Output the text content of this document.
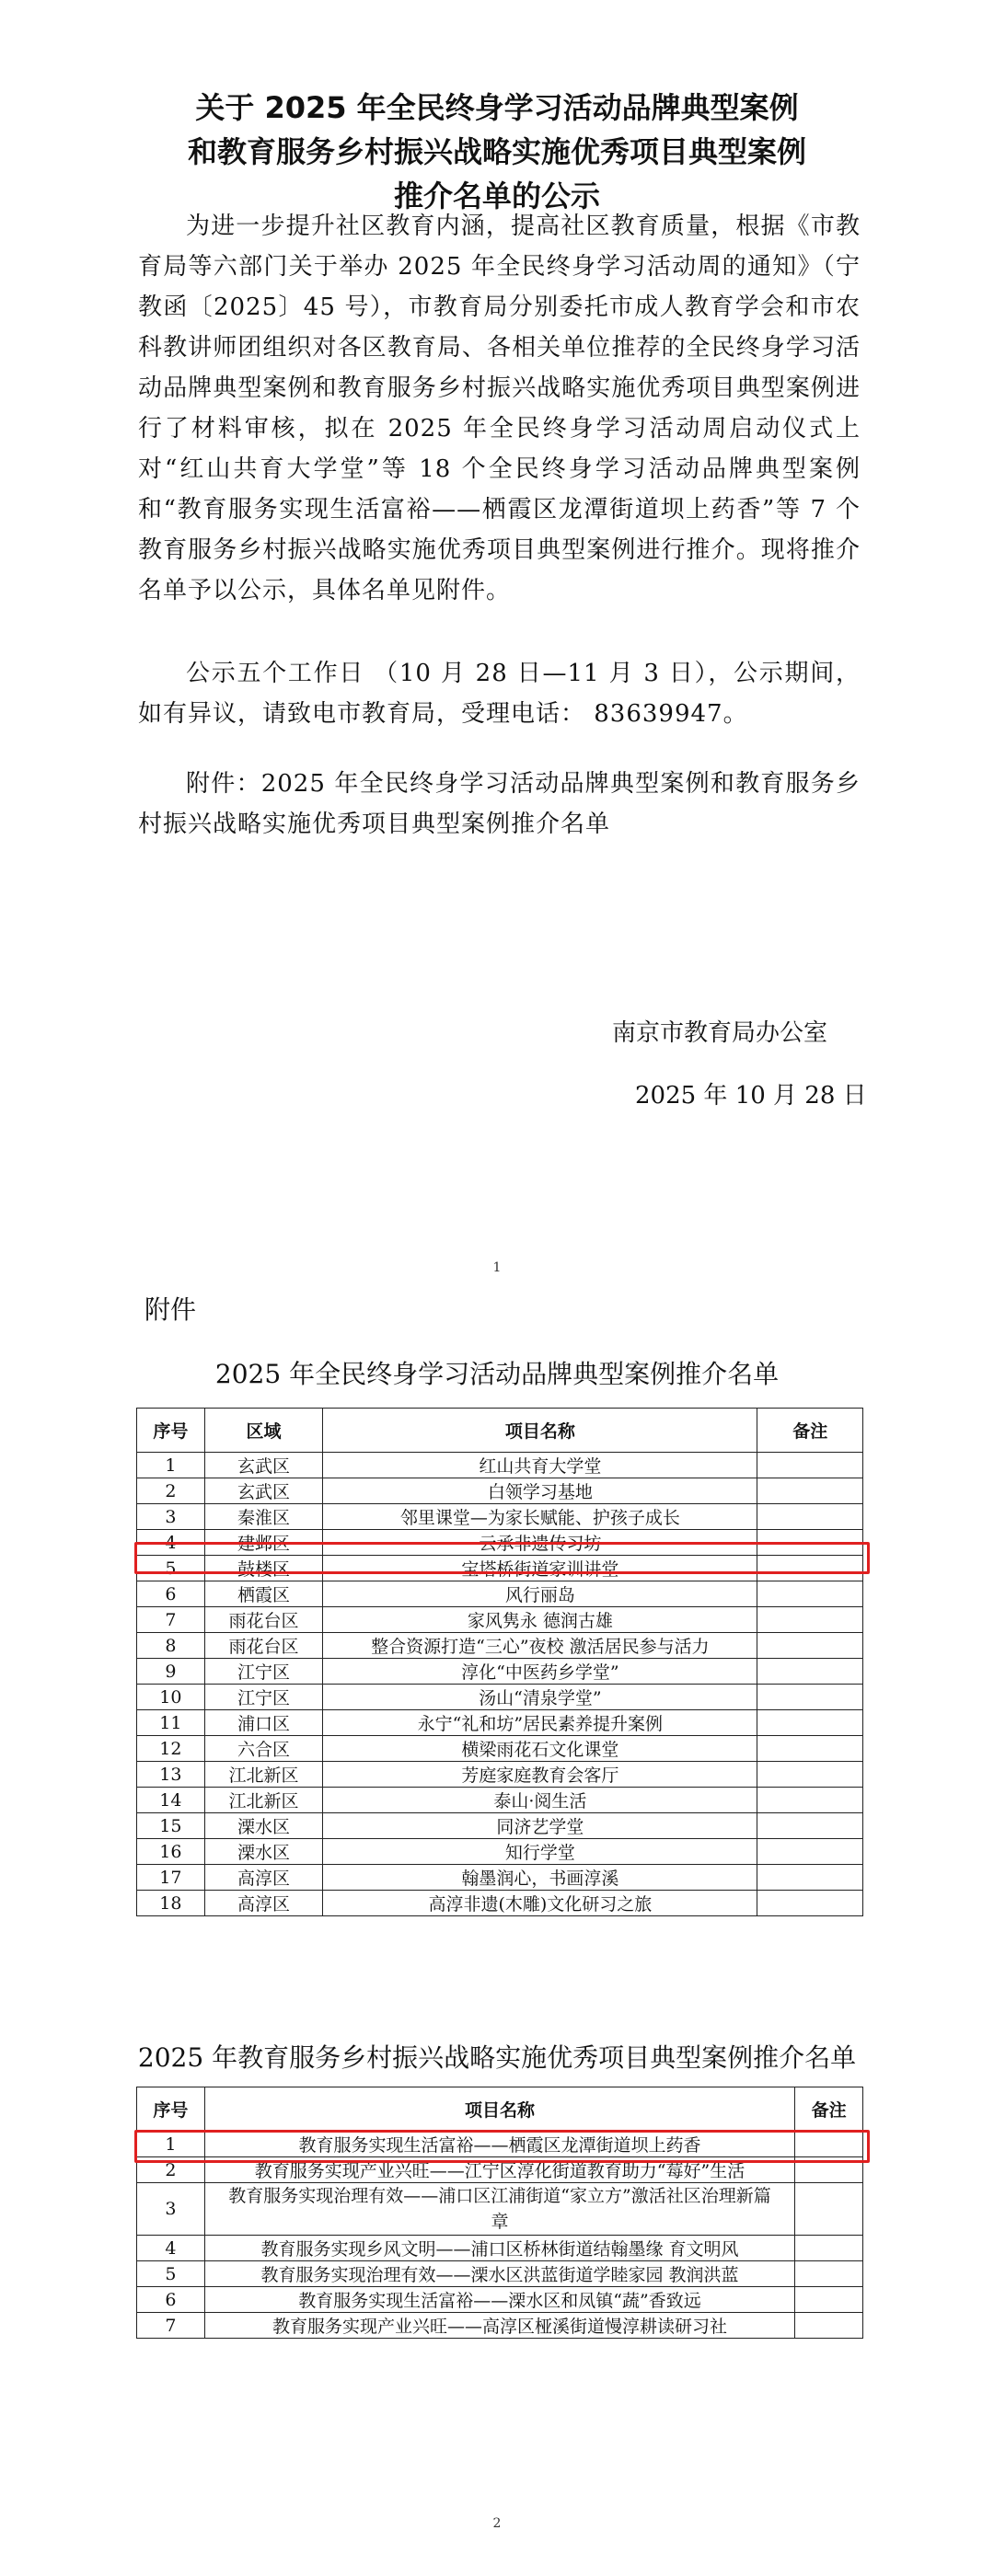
关于 2025 年全民终身学习活动品牌典型案例
和教育服务乡村振兴战略实施优秀项目典型案例
推介名单的公示
为进一步提升社区教育内涵，提高社区教育质量，根据《市教育局等六部门关于举办 2025 年全民终身学习活动周的通知》（宁教函〔2025〕45 号），市教育局分别委托市成人教育学会和市农科教讲师团组织对各区教育局、各相关单位推荐的全民终身学习活动品牌典型案例和教育服务乡村振兴战略实施优秀项目典型案例进行了材料审核，拟在 2025 年全民终身学习活动周启动仪式上对“红山共育大学堂”等 18 个全民终身学习活动品牌典型案例和“教育服务实现生活富裕——栖霞区龙潭街道坝上药香”等 7 个教育服务乡村振兴战略实施优秀项目典型案例进行推介。现将推介名单予以公示，具体名单见附件。
公示五个工作日 （10 月 28 日—11 月 3 日），公示期间，如有异议，请致电市教育局，受理电话： 83639947。
附件：2025 年全民终身学习活动品牌典型案例和教育服务乡村振兴战略实施优秀项目典型案例推介名单
南京市教育局办公室
2025 年 10 月 28 日
1
附件
2025 年全民终身学习活动品牌典型案例推介名单
序号	区域	项目名称	备注
1	玄武区	红山共育大学堂	
2	玄武区	白领学习基地	
3	秦淮区	邻里课堂—为家长赋能、护孩子成长	
4	建邺区	云承非遗传习坊	
5	鼓楼区	宝塔桥街道家训讲堂	
6	栖霞区	风行丽岛	
7	雨花台区	家风隽永 德润古雄	
8	雨花台区	整合资源打造“三心”夜校 激活居民参与活力	
9	江宁区	淳化“中医药乡学堂”	
10	江宁区	汤山“清泉学堂”	
11	浦口区	永宁“礼和坊”居民素养提升案例	
12	六合区	横梁雨花石文化课堂	
13	江北新区	芳庭家庭教育会客厅	
14	江北新区	泰山·阅生活	
15	溧水区	同济艺学堂	
16	溧水区	知行学堂	
17	高淳区	翰墨润心，书画淳溪	
18	高淳区	高淳非遗(木雕)文化研习之旅	
2025 年教育服务乡村振兴战略实施优秀项目典型案例推介名单
序号	项目名称	备注
1	教育服务实现生活富裕——栖霞区龙潭街道坝上药香	
2	教育服务实现产业兴旺——江宁区淳化街道教育助力“莓好”生活	
3	教育服务实现治理有效——浦口区江浦街道“家立方”激活社区治理新篇章	
4	教育服务实现乡风文明——浦口区桥林街道结翰墨缘 育文明风	
5	教育服务实现治理有效——溧水区洪蓝街道学睦家园 教润洪蓝	
6	教育服务实现生活富裕——溧水区和凤镇“蔬”香致远	
7	教育服务实现产业兴旺——高淳区桠溪街道慢淳耕读研习社	
2
